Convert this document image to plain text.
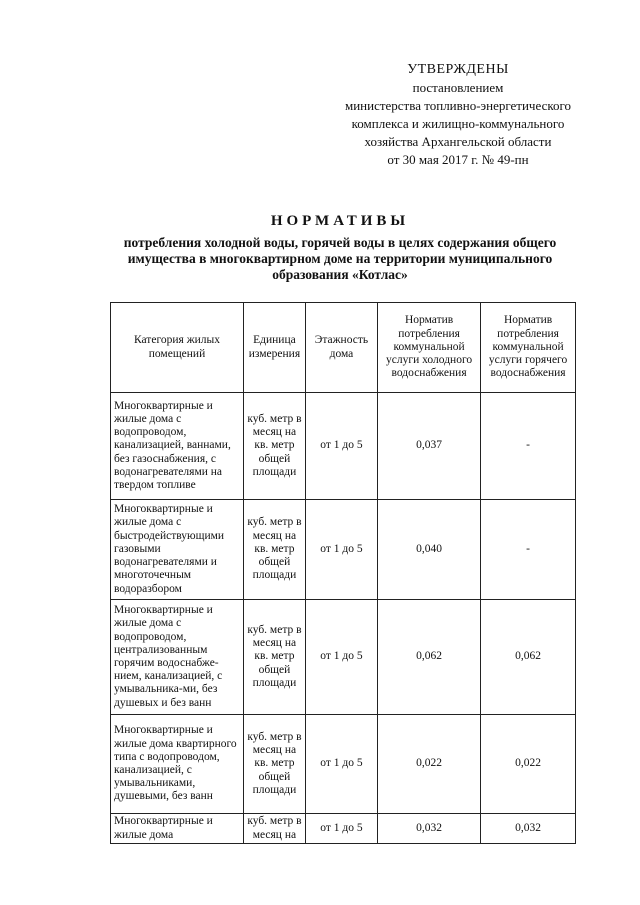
УТВЕРЖДЕНЫ
постановлением
министерства топливно-энергетического
комплекса и жилищно-коммунального
хозяйства Архангельской области
от 30 мая 2017 г. № 49-пн
НОРМАТИВЫ
потребления холодной воды, горячей воды в целях содержания общего
имущества в многоквартирном доме на территории муниципального
образования «Котлас»
Категория жилых помещений	Единица измерения	Этажность дома	Норматив потребления коммунальной услуги холодного водоснабжения	Норматив потребления коммунальной услуги горячего водоснабжения
Многоквартирные и жилые дома с водопроводом, канализацией, ваннами, без газоснабжения, с водонагревателями на твердом топливе	куб. метр в месяц на кв. метр общей площади	от 1 до 5	0,037	-
Многоквартирные и жилые дома с быстродействующими газовыми водонагревателями и многоточечным водоразбором	куб. метр в месяц на кв. метр общей площади	от 1 до 5	0,040	-
Многоквартирные и жилые дома с водопроводом, централизованным горячим водоснабже-нием, канализацией, с умывальника-ми, без душевых и без ванн	куб. метр в месяц на кв. метр общей площади	от 1 до 5	0,062	0,062
Многоквартирные и жилые дома квартирного типа с водопроводом, канализацией, с умывальниками, душевыми, без ванн	куб. метр в месяц на кв. метр общей площади	от 1 до 5	0,022	0,022
Многоквартирные и жилые дома	куб. метр в месяц на	от 1 до 5	0,032	0,032
